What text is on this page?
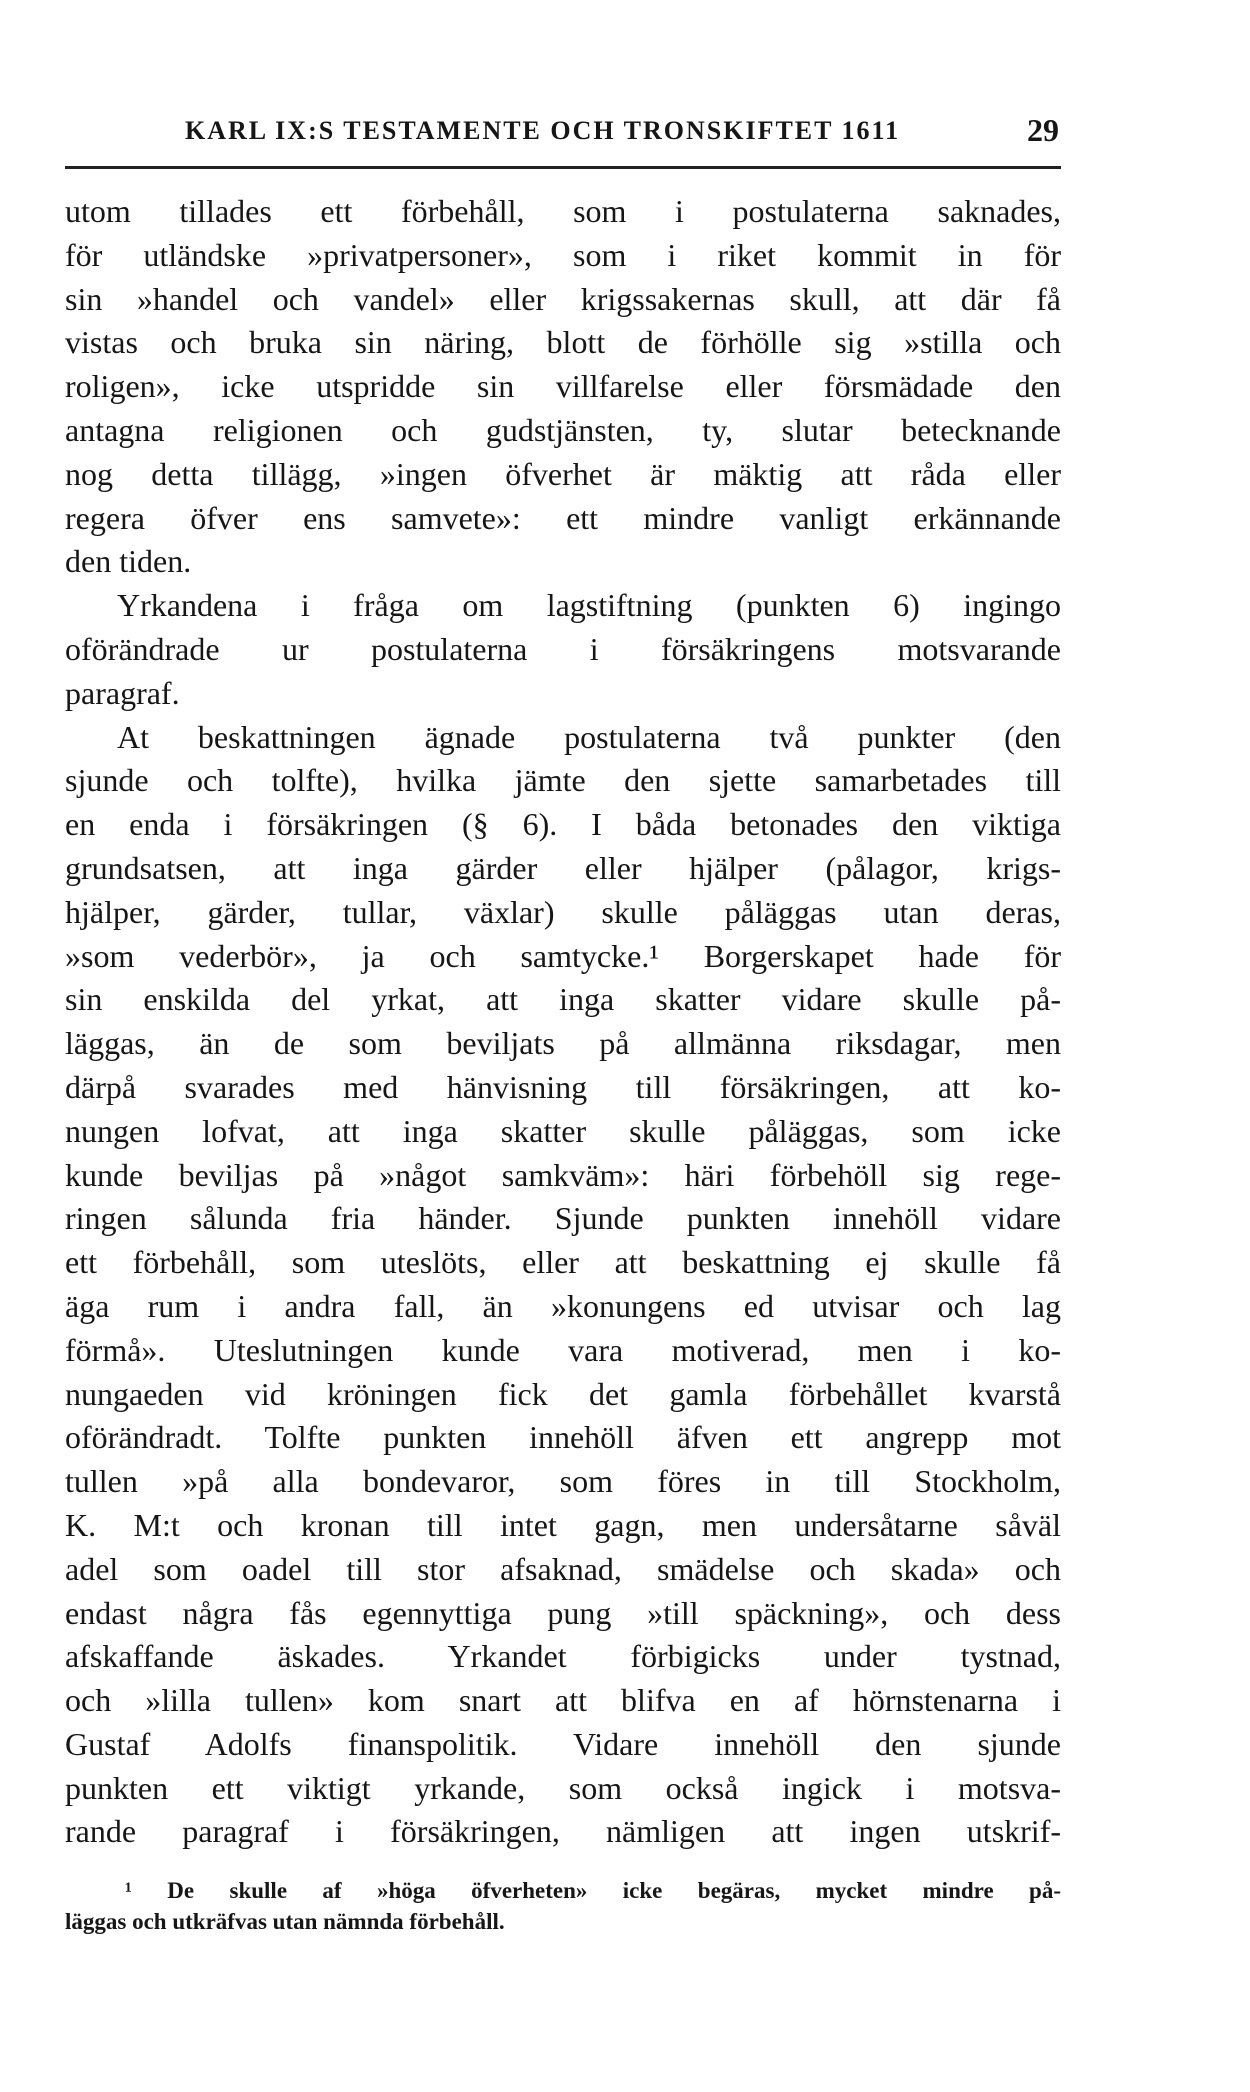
KARL IX:S TESTAMENTE OCH TRONSKIFTET 1611	29
utom tillades ett förbehåll, som i postulaterna saknades,
för utländske »privatpersoner», som i riket kommit in för
sin »handel och vandel» eller krigssakernas skull, att där få
vistas och bruka sin näring, blott de förhölle sig »stilla och
roligen», icke utspridde sin villfarelse eller försmädade den
antagna religionen och gudstjänsten, ty, slutar betecknande
nog detta tillägg, »ingen öfverhet är mäktig att råda eller
regera öfver ens samvete»: ett mindre vanligt erkännande
den tiden.
Yrkandena i fråga om lagstiftning (punkten 6) ingingo
oförändrade ur postulaterna i försäkringens motsvarande
paragraf.
At beskattningen ägnade postulaterna två punkter (den
sjunde och tolfte), hvilka jämte den sjette samarbetades till
en enda i försäkringen (§ 6). I båda betonades den viktiga
grundsatsen, att inga gärder eller hjälper (pålagor, krigs-
hjälper, gärder, tullar, växlar) skulle påläggas utan deras,
»som vederbör», ja och samtycke.¹ Borgerskapet hade för
sin enskilda del yrkat, att inga skatter vidare skulle på-
läggas, än de som beviljats på allmänna riksdagar, men
därpå svarades med hänvisning till försäkringen, att ko-
nungen lofvat, att inga skatter skulle påläggas, som icke
kunde beviljas på »något samkväm»: häri förbehöll sig rege-
ringen sålunda fria händer. Sjunde punkten innehöll vidare
ett förbehåll, som uteslöts, eller att beskattning ej skulle få
äga rum i andra fall, än »konungens ed utvisar och lag
förmå». Uteslutningen kunde vara motiverad, men i ko-
nungaeden vid kröningen fick det gamla förbehållet kvarstå
oförändradt. Tolfte punkten innehöll äfven ett angrepp mot
tullen »på alla bondevaror, som föres in till Stockholm,
K. M:t och kronan till intet gagn, men undersåtarne såväl
adel som oadel till stor afsaknad, smädelse och skada» och
endast några fås egennyttiga pung »till späckning», och dess
afskaffande äskades. Yrkandet förbigicks under tystnad,
och »lilla tullen» kom snart att blifva en af hörnstenarna i
Gustaf Adolfs finanspolitik. Vidare innehöll den sjunde
punkten ett viktigt yrkande, som också ingick i motsva-
rande paragraf i försäkringen, nämligen att ingen utskrif-
¹ De skulle af »höga öfverheten» icke begäras, mycket mindre på-
läggas och utkräfvas utan nämnda förbehåll.
